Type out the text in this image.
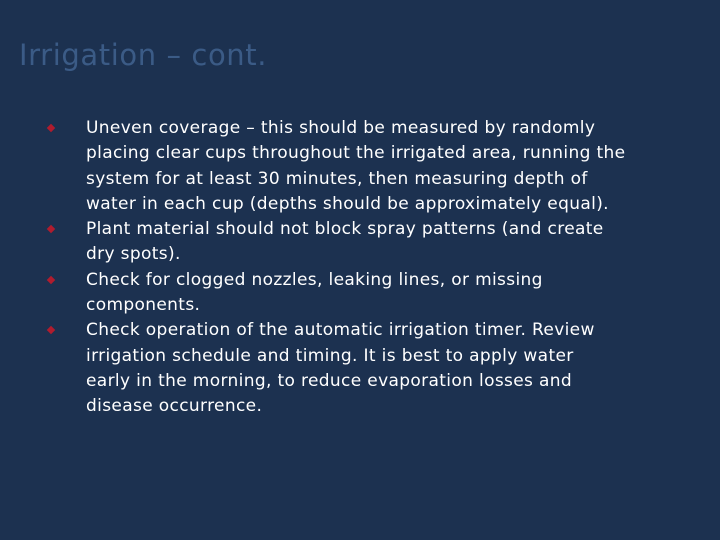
Irrigation – cont.
Uneven coverage – this should be measured by randomly
placing clear cups throughout the irrigated area, running the
system for at least 30 minutes, then measuring depth of
water in each cup (depths should be approximately equal).
Plant material should not block spray patterns (and create
dry spots).
Check for clogged nozzles, leaking lines, or missing
components.
Check operation of the automatic irrigation timer. Review
irrigation schedule and timing. It is best to apply water
early in the morning, to reduce evaporation losses and
disease occurrence.
